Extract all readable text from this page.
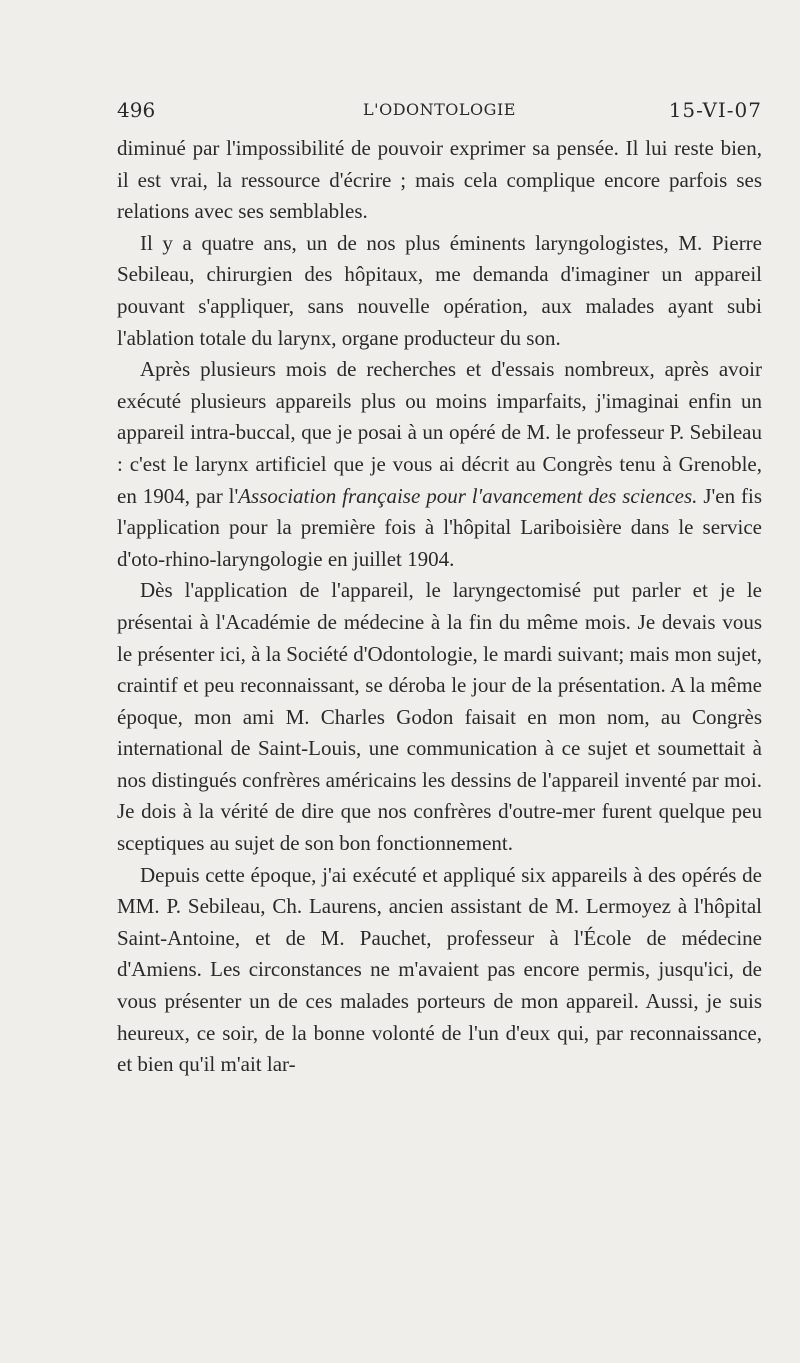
496	L'ODONTOLOGIE	15-VI-07

diminué par l'impossibilité de pouvoir exprimer sa pensée. Il lui reste bien, il est vrai, la ressource d'écrire ; mais cela complique encore parfois ses relations avec ses semblables.

Il y a quatre ans, un de nos plus éminents laryngologistes, M. Pierre Sebileau, chirurgien des hôpitaux, me demanda d'imaginer un appareil pouvant s'appliquer, sans nouvelle opération, aux malades ayant subi l'ablation totale du larynx, organe producteur du son.

Après plusieurs mois de recherches et d'essais nombreux, après avoir exécuté plusieurs appareils plus ou moins imparfaits, j'imaginai enfin un appareil intra-buccal, que je posai à un opéré de M. le professeur P. Sebileau : c'est le larynx artificiel que je vous ai décrit au Congrès tenu à Grenoble, en 1904, par l'Association française pour l'avancement des sciences. J'en fis l'application pour la première fois à l'hôpital Lariboisière dans le service d'oto-rhino-laryngologie en juillet 1904.

Dès l'application de l'appareil, le laryngectomisé put parler et je le présentai à l'Académie de médecine à la fin du même mois. Je devais vous le présenter ici, à la Société d'Odontologie, le mardi suivant; mais mon sujet, craintif et peu reconnaissant, se déroba le jour de la présentation. A la même époque, mon ami M. Charles Godon faisait en mon nom, au Congrès international de Saint-Louis, une communication à ce sujet et soumettait à nos distingués confrères américains les dessins de l'appareil inventé par moi. Je dois à la vérité de dire que nos confrères d'outre-mer furent quelque peu sceptiques au sujet de son bon fonctionnement.

Depuis cette époque, j'ai exécuté et appliqué six appareils à des opérés de MM. P. Sebileau, Ch. Laurens, ancien assistant de M. Lermoyez à l'hôpital Saint-Antoine, et de M. Pauchet, professeur à l'École de médecine d'Amiens. Les circonstances ne m'avaient pas encore permis, jusqu'ici, de vous présenter un de ces malades porteurs de mon appareil. Aussi, je suis heureux, ce soir, de la bonne volonté de l'un d'eux qui, par reconnaissance, et bien qu'il m'ait lar-
